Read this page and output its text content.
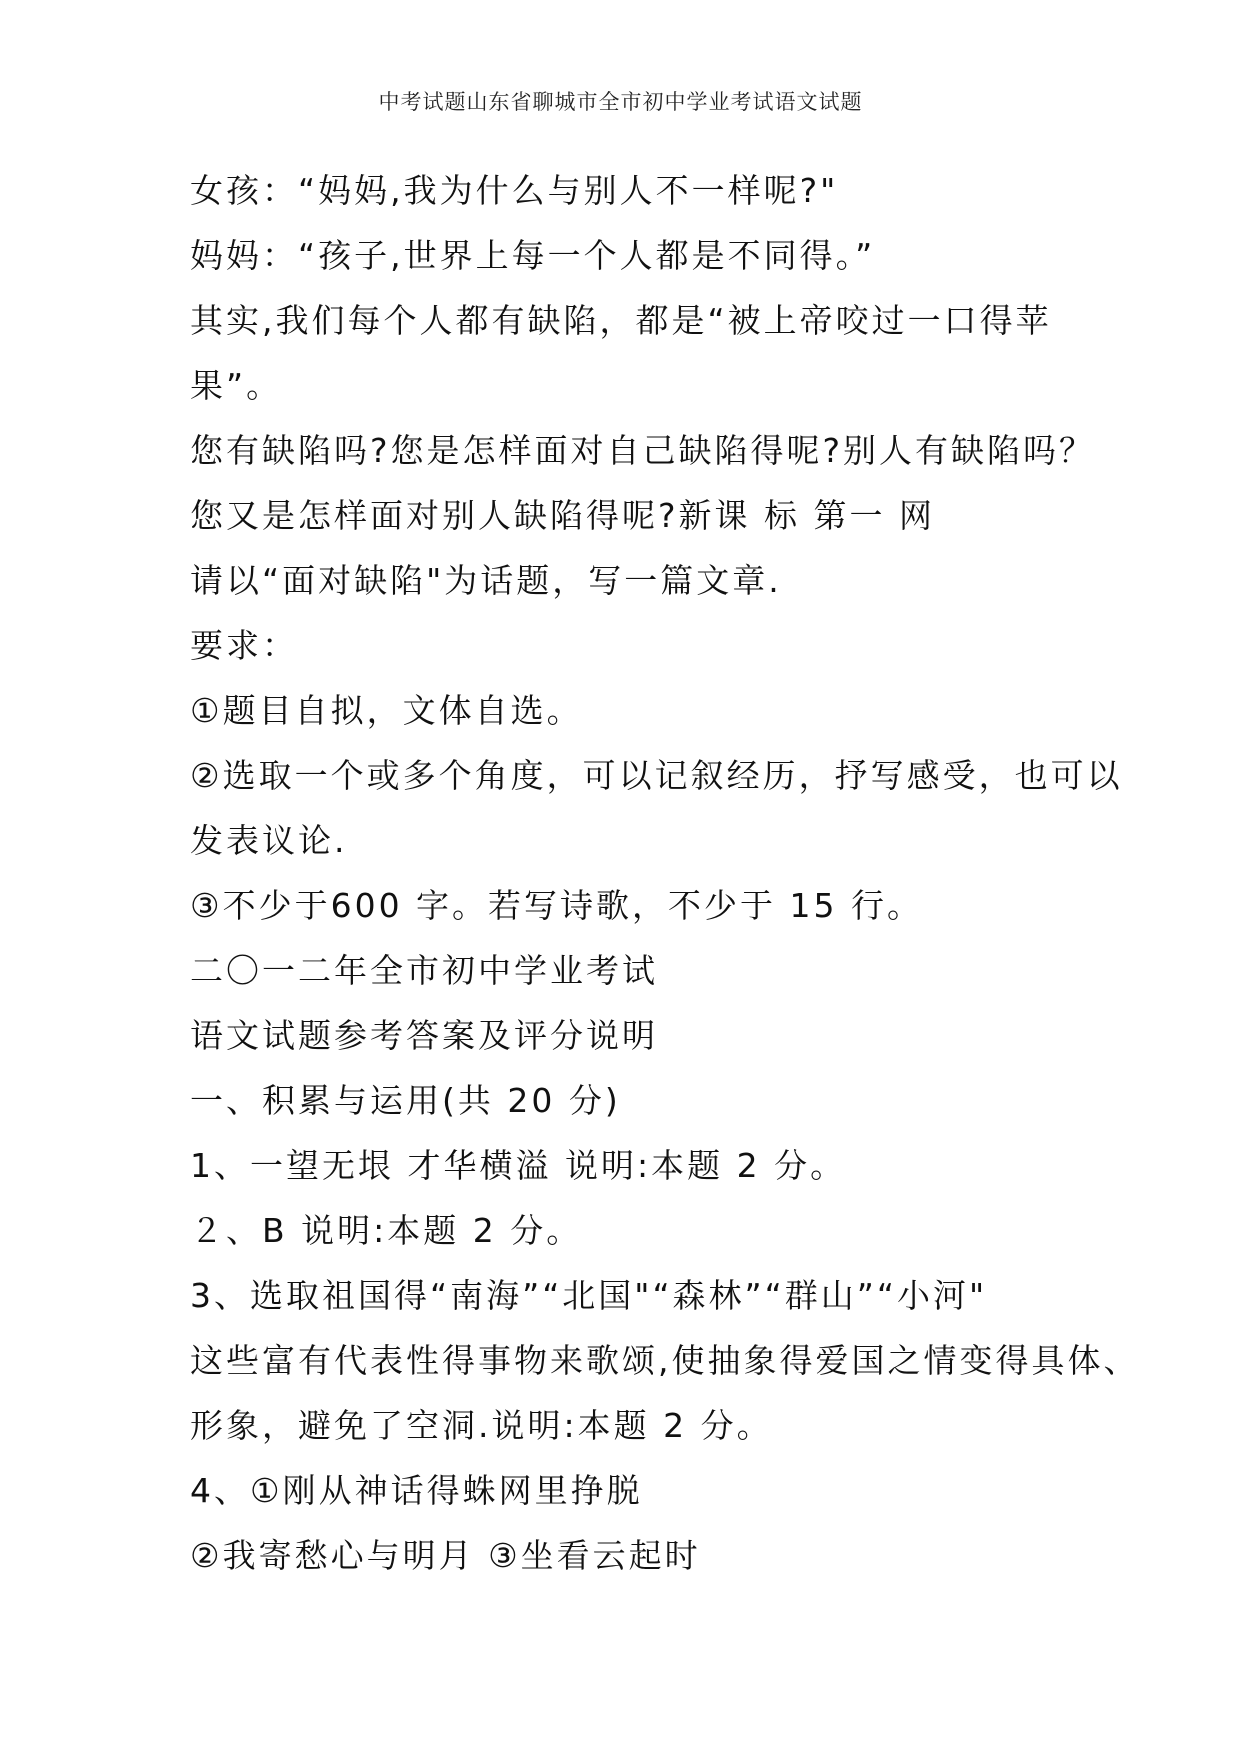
中考试题山东省聊城市全市初中学业考试语文试题
女孩：“妈妈,我为什么与别人不一样呢?"
妈妈：“孩子,世界上每一个人都是不同得。”
其实,我们每个人都有缺陷，都是“被上帝咬过一口得苹
果”。
您有缺陷吗?您是怎样面对自己缺陷得呢?别人有缺陷吗？
您又是怎样面对别人缺陷得呢?新课 标 第一 网
请以“面对缺陷"为话题，写一篇文章.
要求：
①题目自拟，文体自选。
②选取一个或多个角度，可以记叙经历，抒写感受，也可以
发表议论.
③不少于600 字。若写诗歌，不少于 15 行。
二〇一二年全市初中学业考试
语文试题参考答案及评分说明
一、积累与运用(共 20 分)
1、一望无垠 才华横溢 说明:本题 2 分。
２、B 说明:本题 2 分。
3、选取祖国得“南海”“北国"“森林”“群山”“小河"
这些富有代表性得事物来歌颂,使抽象得爱国之情变得具体、
形象，避免了空洞.说明:本题 2 分。
4、①刚从神话得蛛网里挣脱
②我寄愁心与明月 ③坐看云起时
